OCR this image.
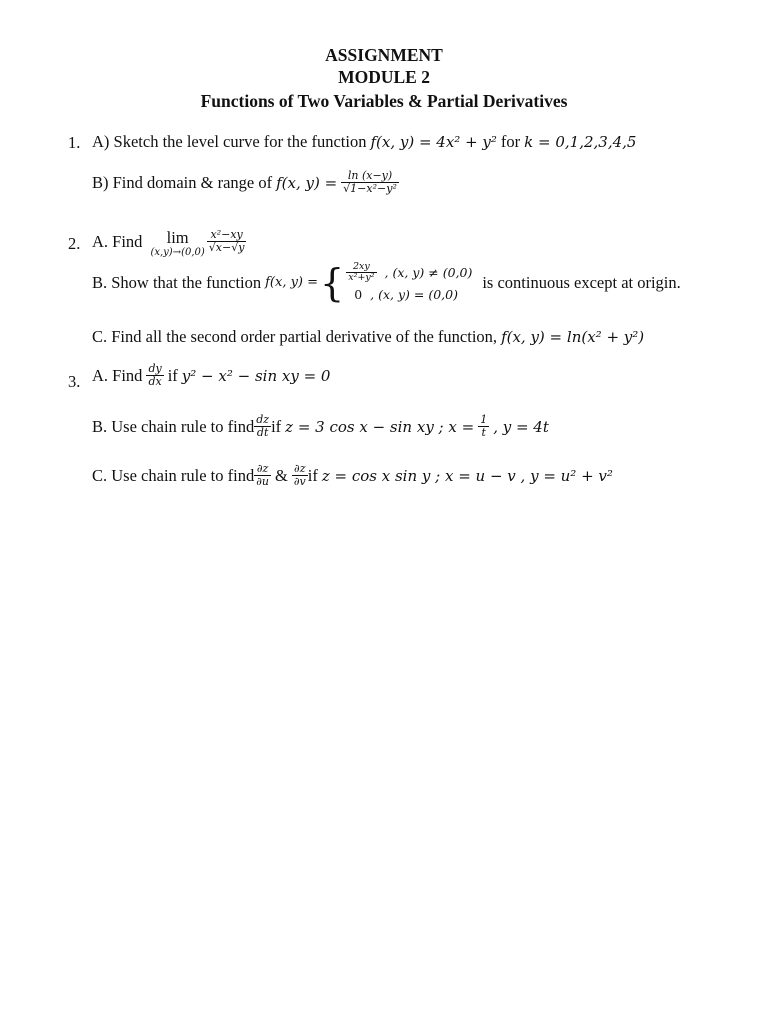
ASSIGNMENT
MODULE 2
Functions of Two Variables & Partial Derivatives
1. A) Sketch the level curve for the function
f(x, y) = 4x² + y²
for
k = 0,1,2,3,4,5
B) Find domain & range of
f(x, y) =
$\frac{\ln (x-y)}{\text{√1−x²−y²}}$
2. A. Find
	lim
$(x,y)\to(0,0) \frac{\text{x²−xy}}{√x-√y}$
B. Show that the function
f(x, y) = { $\frac{2xy}{\text{x²+y²}}$
, (x, y) ≠ (0,0)
0
, (x, y) = (0,0)
is continuous except at origin.
C. Find all the second order partial derivative of the function,
f(x, y) = ln(x² + y²)
3. A. Find
$\frac{dy}{dx}$
if
y² − x² − sin xy = 0
B. Use chain rule to find $\frac{dz}{dt}$ if
z = 3 cos x − sin xy ; x =
$\frac{1}{t}$
, y = 4t
C. Use chain rule to find $\frac{\partial z}{\partial u}$
&
$\frac{\partial z}{\partial v}$ if
z = cos x sin y ; x = u − v , y = u² + v²
